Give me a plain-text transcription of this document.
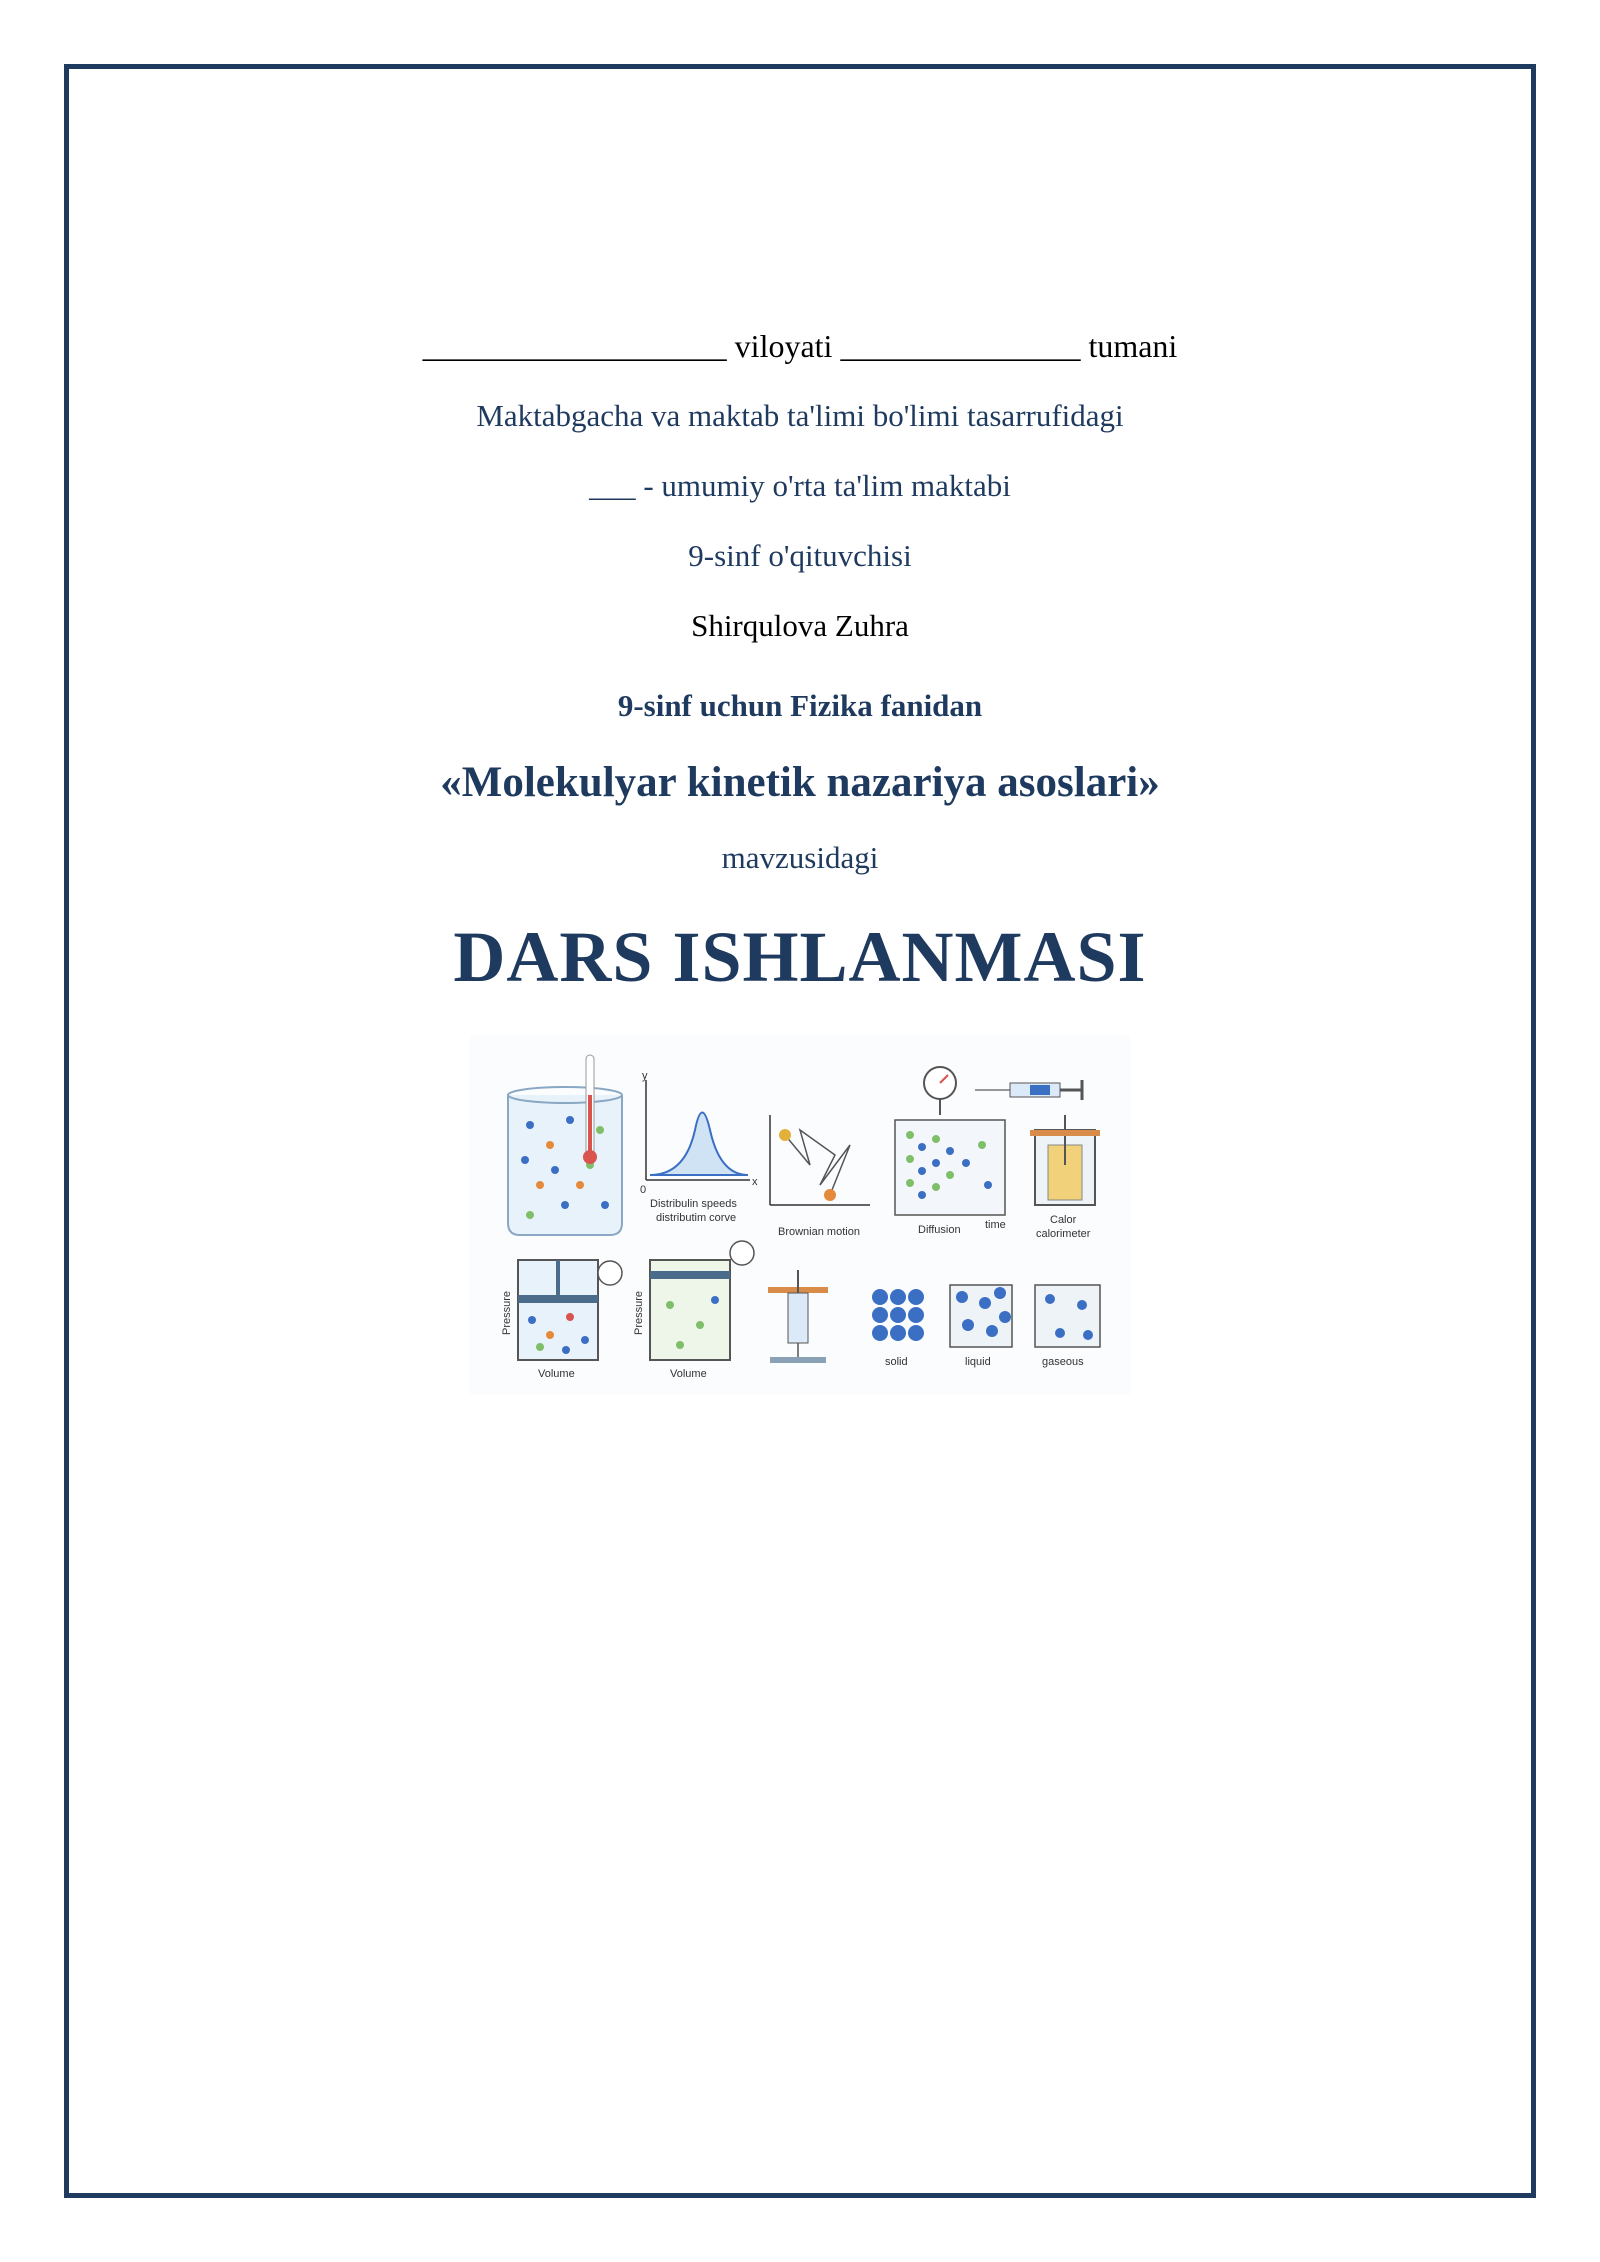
___________________ viloyati _______________ tumani
Maktabgacha va maktab ta'limi bo'limi tasarrufidagi
___ - umumiy o'rta ta'lim maktabi
9-sinf o'qituvchisi
Shirqulova Zuhra
9-sinf uchun Fizika fanidan
«Molekulyar kinetik nazariya asoslari»
mavzusidagi
DARS ISHLANMASI
y
x
0
Distribulin speeds
distributim corve
Brownian motion	Diffusion time	Calor
calorimeter
Pressure
Volume
Pressure
Volume
solid	liquid	gaseous
